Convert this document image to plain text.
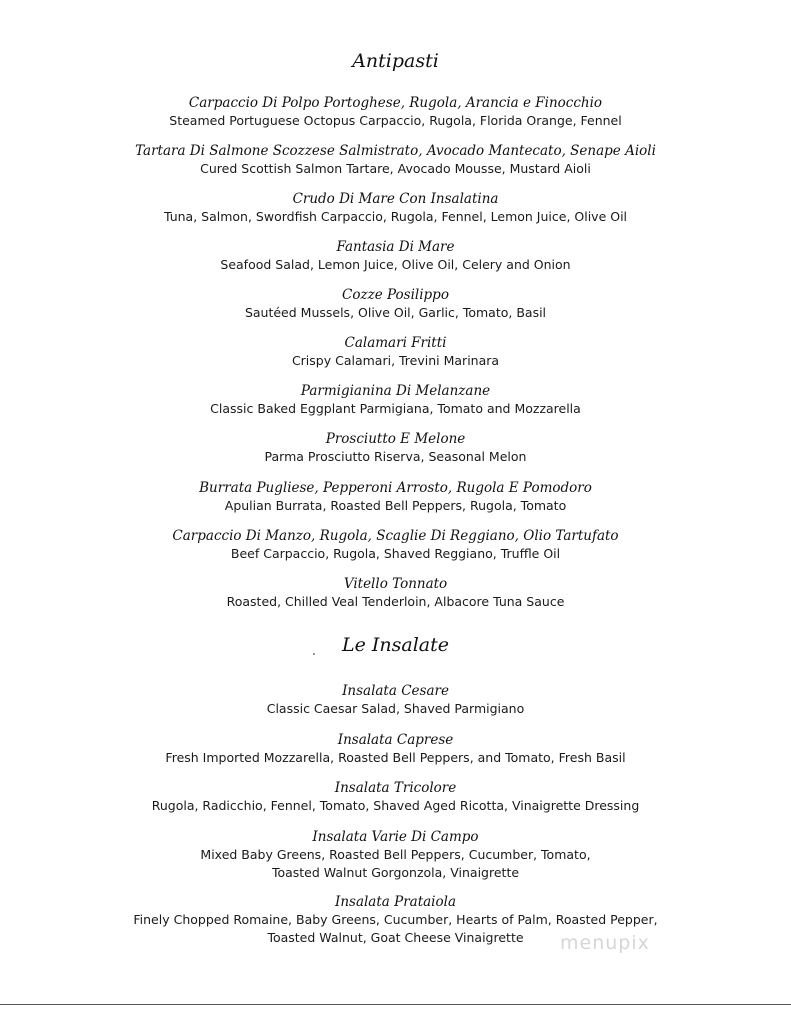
Antipasti
Carpaccio Di Polpo Portoghese, Rugola, Arancia e Finocchio
Steamed Portuguese Octopus Carpaccio, Rugola, Florida Orange, Fennel
Tartara Di Salmone Scozzese Salmistrato, Avocado Mantecato, Senape Aioli
Cured Scottish Salmon Tartare, Avocado Mousse, Mustard Aioli
Crudo Di Mare Con Insalatina
Tuna, Salmon, Swordfish Carpaccio, Rugola, Fennel, Lemon Juice, Olive Oil
Fantasia Di Mare
Seafood Salad, Lemon Juice, Olive Oil, Celery and Onion
Cozze Posilippo
Sautéed Mussels, Olive Oil, Garlic, Tomato, Basil
Calamari Fritti
Crispy Calamari, Trevini Marinara
Parmigianina Di Melanzane
Classic Baked Eggplant Parmigiana, Tomato and Mozzarella
Prosciutto E Melone
Parma Prosciutto Riserva, Seasonal Melon
Burrata Pugliese, Pepperoni Arrosto, Rugola E Pomodoro
Apulian Burrata, Roasted Bell Peppers, Rugola, Tomato
Carpaccio Di Manzo, Rugola, Scaglie Di Reggiano, Olio Tartufato
Beef Carpaccio, Rugola, Shaved Reggiano, Truffle Oil
Vitello Tonnato
Roasted, Chilled Veal Tenderloin, Albacore Tuna Sauce
Le Insalate
Insalata Cesare
Classic Caesar Salad, Shaved Parmigiano
Insalata Caprese
Fresh Imported Mozzarella, Roasted Bell Peppers, and Tomato, Fresh Basil
Insalata Tricolore
Rugola, Radicchio, Fennel, Tomato, Shaved Aged Ricotta, Vinaigrette Dressing
Insalata Varie Di Campo
Mixed Baby Greens, Roasted Bell Peppers, Cucumber, Tomato,
Toasted Walnut Gorgonzola, Vinaigrette
Insalata Prataiola
Finely Chopped Romaine, Baby Greens, Cucumber, Hearts of Palm, Roasted Pepper,
Toasted Walnut, Goat Cheese Vinaigrette	menupix
